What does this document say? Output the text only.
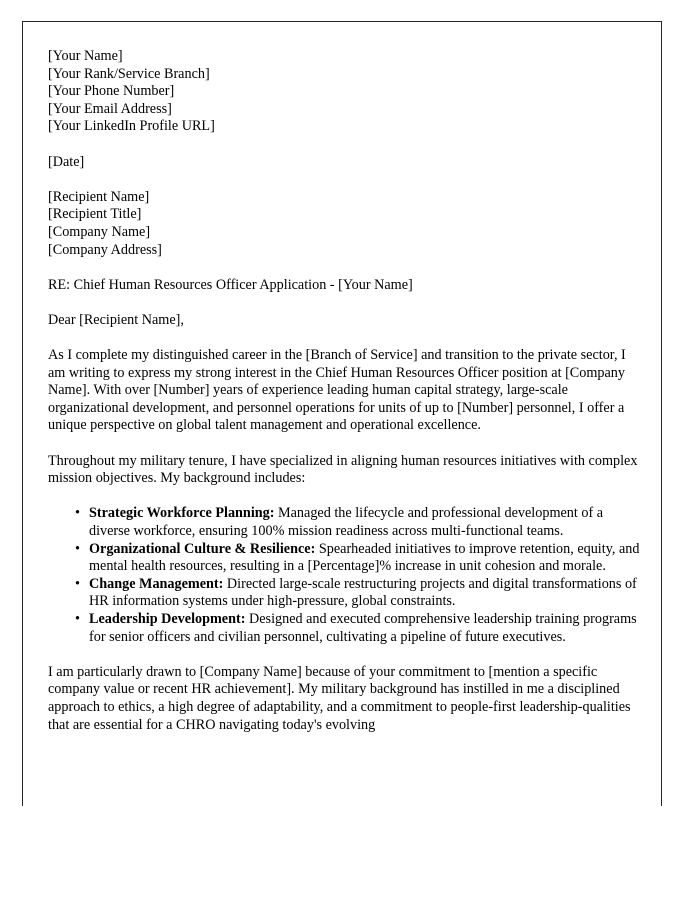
[Your Name]
[Your Rank/Service Branch]
[Your Phone Number]
[Your Email Address]
[Your LinkedIn Profile URL]
[Date]
[Recipient Name]
[Recipient Title]
[Company Name]
[Company Address]
RE: Chief Human Resources Officer Application - [Your Name]
Dear [Recipient Name],

As I complete my distinguished career in the [Branch of Service] and transition to the private sector, I am writing to express my strong interest in the Chief Human Resources Officer position at [Company Name]. With over [Number] years of experience leading human capital strategy, large-scale organizational development, and personnel operations for units of up to [Number] personnel, I offer a unique perspective on global talent management and operational excellence.

Throughout my military tenure, I have specialized in aligning human resources initiatives with complex mission objectives. My background includes:

• Strategic Workforce Planning: Managed the lifecycle and professional development of a diverse workforce, ensuring 100% mission readiness across multi-functional teams.
• Organizational Culture & Resilience: Spearheaded initiatives to improve retention, equity, and mental health resources, resulting in a [Percentage]% increase in unit cohesion and morale.
• Change Management: Directed large-scale restructuring projects and digital transformations of HR information systems under high-pressure, global constraints.
• Leadership Development: Designed and executed comprehensive leadership training programs for senior officers and civilian personnel, cultivating a pipeline of future executives.

I am particularly drawn to [Company Name] because of your commitment to [mention a specific company value or recent HR achievement]. My military background has instilled in me a disciplined approach to ethics, a high degree of adaptability, and a commitment to people-first leadership-qualities that are essential for a CHRO navigating today's evolving
